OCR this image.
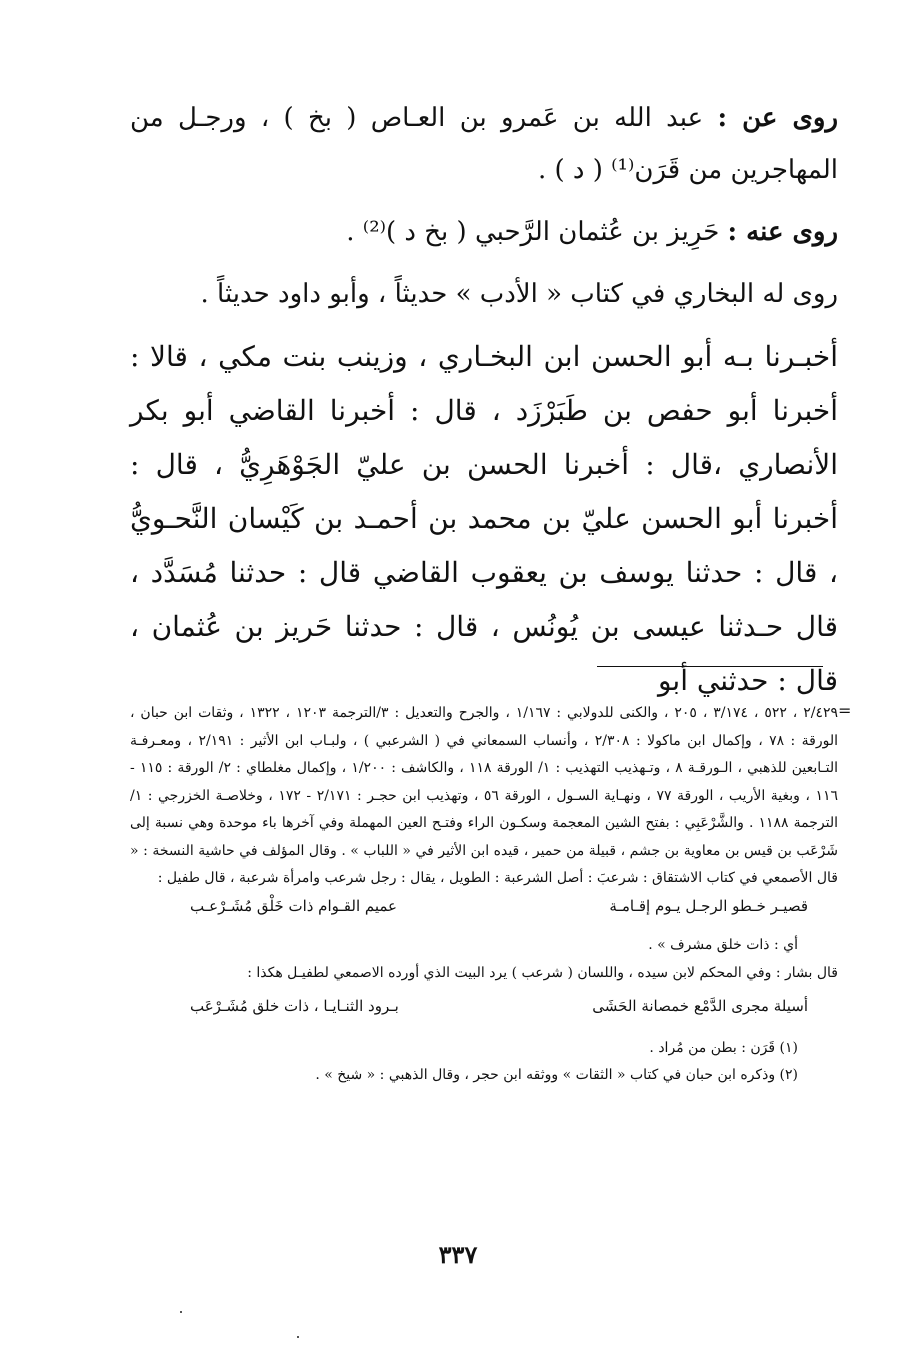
روى عن : عبد الله بن عَمرو بن العـاص ( بخ ) ، ورجـل من المهاجرين من قَرَن⁽¹⁾ ( د ) .

روى عنه : حَرِيز بن عُثمان الرَّحبي ( بخ د )⁽²⁾ .

روى له البخاري في كتاب « الأدب » حديثاً ، وأبو داود حديثاً .

أخبـرنا بـه أبو الحسن ابن البخـاري ، وزينب بنت مكي ، قالا : أخبرنا أبو حفص بن طَبَرْزَد ، قال : أخبرنا القاضي أبو بكر الأنصاري ،قال : أخبرنا الحسن بن عليّ الجَوْهَرِيُّ ، قال : أخبرنا أبو الحسن عليّ بن محمد بن أحمـد بن كَيْسان النَّحـويُّ ، قال : حدثنا يوسف بن يعقوب القاضي قال : حدثنا مُسَدَّد ، قال حـدثنا عيسى بن يُونُس ، قال : حدثنا حَريز بن عُثمان ، قال : حدثني أبو

=

٢/٤٢٩ ، ٥٢٢ ، ٣/١٧٤ ، ٢٠٥ ، والكنى للدولابي : ١/١٦٧ ، والجرح والتعديل : ٣/الترجمة ١٢٠٣ ، ١٣٢٢ ، وثقات ابن حبان ، الورقة : ٧٨ ، وإكمال ابن ماكولا : ٢/٣٠٨ ، وأنساب السمعاني في ( الشرعبي ) ، ولبـاب ابن الأثير : ٢/١٩١ ، ومعـرفـة التـابعين للذهبي ، الـورقـة ٨ ، وتـهذيب التهذيب : ١/ الورقة ١١٨ ، والكاشف : ١/٢٠٠ ، وإكمال مغلطاي : ٢/ الورقة : ١١٥ - ١١٦ ، وبغية الأريب ، الورقة ٧٧ ، ونهـاية السـول ، الورقة ٥٦ ، وتهذيب ابن حجـر : ٢/١٧١ - ١٧٢ ، وخلاصـة الخزرجي : ١/الترجمة ١١٨٨ . والشَّرْعَبِي : بفتح الشين المعجمة وسكـون الراء وفتـح العين المهملة وفي آخرها باء موحدة وهي نسبة إلى شَرْعَب بن قيس بن معاوية بن جشم ، قبيلة من حمير ، قيده ابن الأثير في « اللباب » . وقال المؤلف في حاشية النسخة : « قال الأصمعي في كتاب الاشتقاق : شرعبَ : أصل الشرعبة : الطويل ، يقال : رجل شرعب وامرأة شرعبة ، قال طفيل :

قصيـر خـطو الرجـل يـوم إقـامـة
عميم القـوام ذات خَلْق مُشَـرْعـب

أي : ذات خلق مشرف » .

قال بشار : وفي المحكم لابن سيده ، واللسان ( شرعب ) يرد البيت الذي أورده الاصمعي لطفيـل هكذا :

أسيلة مجرى الدَّمْع خمصانة الحَشَى
بـرود الثنـايـا ، ذات خلق مُشَـرْعَب

(١) قَرَن : بطن من مُراد .

(٢) وذكره ابن حبان في كتاب « الثقات » ووثقه ابن حجر ، وقال الذهبي : « شيخ » .

٣٣٧
